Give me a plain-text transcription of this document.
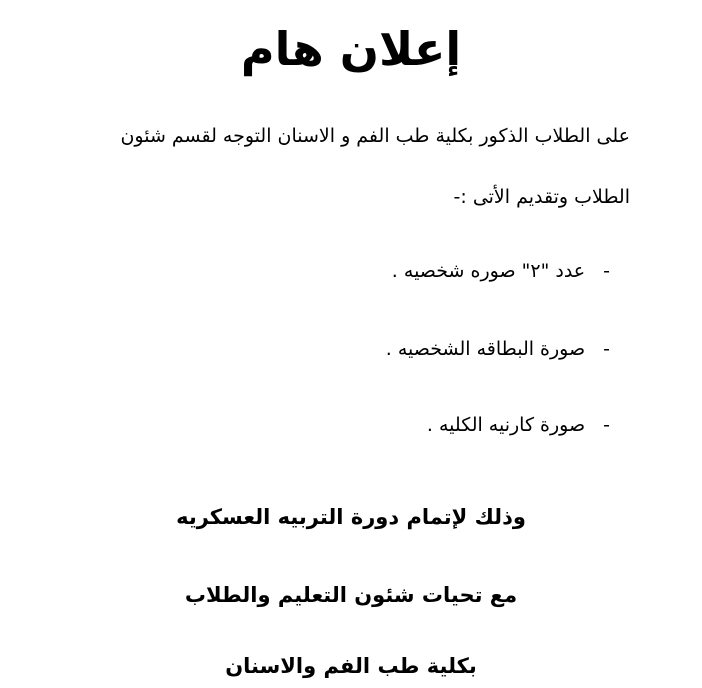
إعلان هام
على الطلاب الذكور بكلية طب الفم و الاسنان التوجه لقسم شئون
الطلاب وتقديم الأتى :-
-عدد "٢" صوره شخصيه .
-صورة البطاقه الشخصيه .
-صورة كارنيه الكليه .
وذلك لإتمام دورة التربيه العسكريه
مع تحيات شئون التعليم والطلاب
بكلية طب الفم والاسنان
